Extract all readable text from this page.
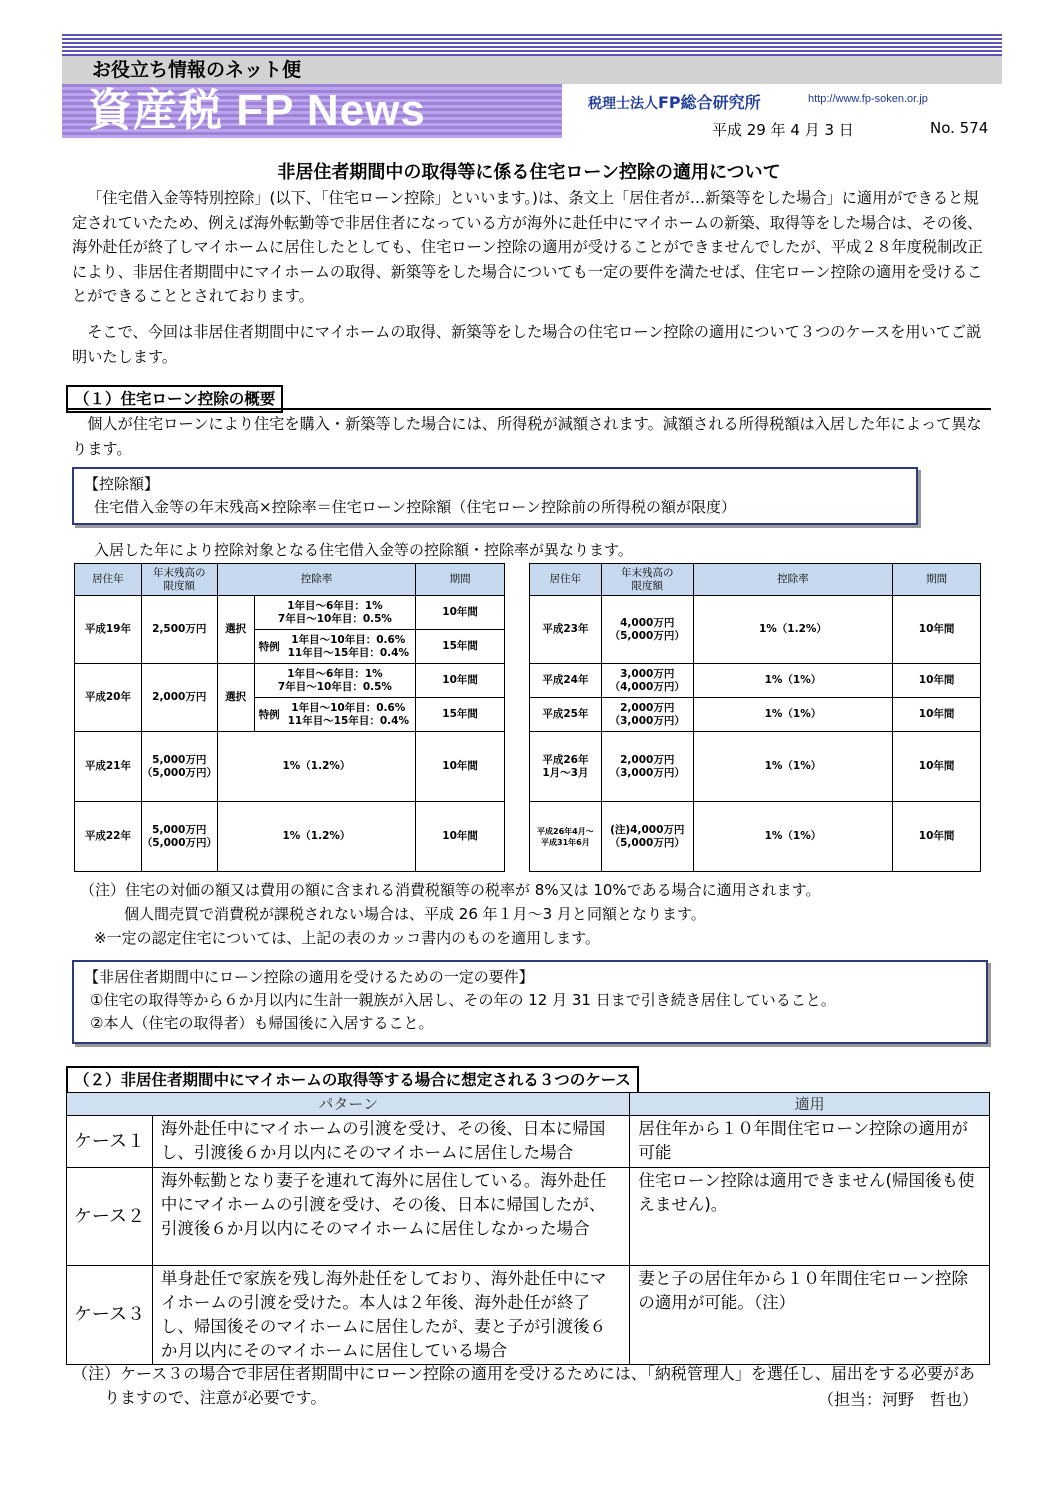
お役立ち情報のネット便
資産税 FP News	税理士法人FP総合研究所	http://www.fp-soken.or.jp
平成 29 年 4 月 3 日	No. 574
非居住者期間中の取得等に係る住宅ローン控除の適用について
「住宅借入金等特別控除」(以下、「住宅ローン控除」といいます。)は、条文上「居住者が…新築等をした場合」に適用ができると規定されていたため、例えば海外転勤等で非居住者になっている方が海外に赴任中にマイホームの新築、取得等をした場合は、その後、海外赴任が終了しマイホームに居住したとしても、住宅ローン控除の適用が受けることができませんでしたが、平成２８年度税制改正により、非居住者期間中にマイホームの取得、新築等をした場合についても一定の要件を満たせば、住宅ローン控除の適用を受けることができることとされております。
そこで、今回は非居住者期間中にマイホームの取得、新築等をした場合の住宅ローン控除の適用について３つのケースを用いてご説明いたします。
（１）住宅ローン控除の概要
個人が住宅ローンにより住宅を購入・新築等した場合には、所得税が減額されます。減額される所得税額は入居した年によって異なります。
【控除額】
住宅借入金等の年末残高×控除率＝住宅ローン控除額（住宅ローン控除前の所得税の額が限度）
入居した年により控除対象となる住宅借入金等の控除額・控除率が異なります。
居住年	年末残高の
限度額	控除率		期間
平成19年	2,500万円	選択	1年目～6年目：1%
7年目～10年目：0.5%	10年間
			特例1年目～10年目：0.6%
11年目～15年目：0.4%	15年間
平成20年	2,000万円	選択	1年目～6年目：1%
7年目～10年目：0.5%	10年間
			特例1年目～10年目：0.6%
11年目～15年目：0.4%	15年間
平成21年	5,000万円
（5,000万円）	1%（1.2%）		10年間
平成22年	5,000万円
（5,000万円）	1%（1.2%）		10年間
居住年	年末残高の
限度額	控除率	期間
平成23年	4,000万円
（5,000万円）	1%（1.2%）	10年間
平成24年	3,000万円
（4,000万円）	1%（1%）	10年間
平成25年	2,000万円
（3,000万円）	1%（1%）	10年間
平成26年
1月～3月	2,000万円
（3,000万円）	1%（1%）	10年間
平成26年4月～
平成31年6月	(注)4,000万円
（5,000万円）	1%（1%）	10年間
（注）住宅の対価の額又は費用の額に含まれる消費税額等の税率が 8%又は 10%である場合に適用されます。
個人間売買で消費税が課税されない場合は、平成 26 年１月～3 月と同額となります。
※一定の認定住宅については、上記の表のカッコ書内のものを適用します。
【非居住者期間中にローン控除の適用を受けるための一定の要件】
①住宅の取得等から６か月以内に生計一親族が入居し、その年の 12 月 31 日まで引き続き居住していること。
②本人（住宅の取得者）も帰国後に入居すること。
（２）非居住者期間中にマイホームの取得等する場合に想定される３つのケース
パターン		適用
ケース１	海外赴任中にマイホームの引渡を受け、その後、日本に帰国し、引渡後６か月以内にそのマイホームに居住した場合	居住年から１０年間住宅ローン控除の適用が可能
ケース２	海外転勤となり妻子を連れて海外に居住している。海外赴任中にマイホームの引渡を受け、その後、日本に帰国したが、引渡後６か月以内にそのマイホームに居住しなかった場合	住宅ローン控除は適用できません(帰国後も使えません)。
ケース３	単身赴任で家族を残し海外赴任をしており、海外赴任中にマイホームの引渡を受けた。本人は２年後、海外赴任が終了し、帰国後そのマイホームに居住したが、妻と子が引渡後６か月以内にそのマイホームに居住している場合	妻と子の居住年から１０年間住宅ローン控除の適用が可能。（注）
（注）ケース３の場合で非居住者期間中にローン控除の適用を受けるためには、「納税管理人」を選任し、届出をする必要がありますので、注意が必要です。	（担当：河野　哲也）
